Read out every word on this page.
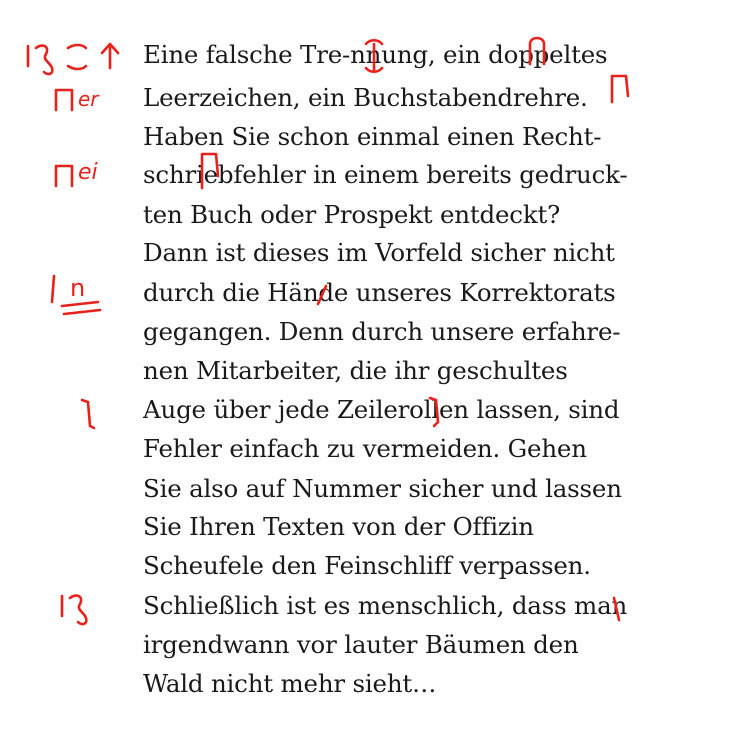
Eine falsche Tre-nnung, ein doppeltes
Leerzeichen, ein Buchstabendrehre.
Haben Sie schon einmal einen Recht-
schriebfehler in einem bereits gedruck-
ten Buch oder Prospekt entdeckt?
Dann ist dieses im Vorfeld sicher nicht
durch die Hände unseres Korrektorats
gegangen. Denn durch unsere erfahre-
nen Mitarbeiter, die ihr geschultes
Auge über jede Zeilerollen lassen, sind
Fehler einfach zu vermeiden. Gehen
Sie also auf Nummer sicher und lassen
Sie Ihren Texten von der Offizin
Scheufele den Feinschliff verpassen.
Schließlich ist es menschlich, dass man
irgendwann vor lauter Bäumen den
Wald nicht mehr sieht…
er
ei
n
